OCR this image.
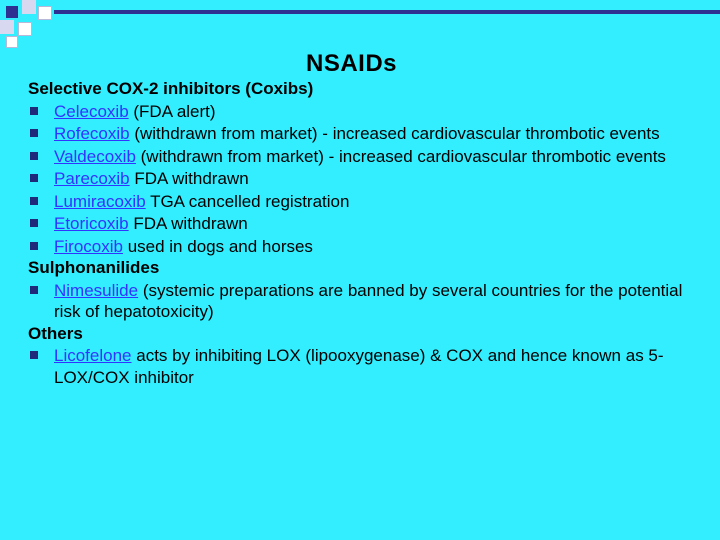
NSAIDs
Selective COX-2 inhibitors (Coxibs)
Celecoxib (FDA alert)
Rofecoxib (withdrawn from market) - increased cardiovascular thrombotic events
Valdecoxib (withdrawn from market) - increased cardiovascular thrombotic events
Parecoxib FDA withdrawn
Lumiracoxib TGA cancelled registration
Etoricoxib FDA withdrawn
Firocoxib used in dogs and horses
Sulphonanilides
Nimesulide (systemic preparations are banned by several countries for the potential risk of hepatotoxicity)
Others
Licofelone acts by inhibiting LOX (lipooxygenase) & COX and hence known as 5-LOX/COX inhibitor
